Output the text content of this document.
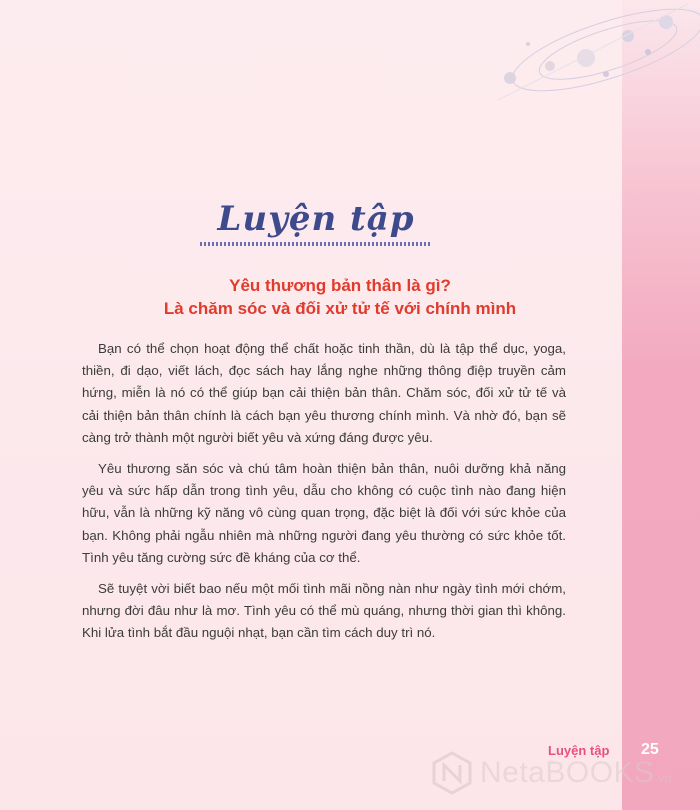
Luyện tập
Yêu thương bản thân là gì?
Là chăm sóc và đối xử tử tế với chính mình

Bạn có thể chọn hoạt động thể chất hoặc tinh thần, dù là tập thể dục, yoga, thiền, đi dạo, viết lách, đọc sách hay lắng nghe những thông điệp truyền cảm hứng, miễn là nó có thể giúp bạn cải thiện bản thân. Chăm sóc, đối xử tử tế và cải thiện bản thân chính là cách bạn yêu thương chính mình. Và nhờ đó, bạn sẽ càng trở thành một người biết yêu và xứng đáng được yêu.

Yêu thương săn sóc và chú tâm hoàn thiện bản thân, nuôi dưỡng khả năng yêu và sức hấp dẫn trong tình yêu, dẫu cho không có cuộc tình nào đang hiện hữu, vẫn là những kỹ năng vô cùng quan trọng, đặc biệt là đối với sức khỏe của bạn. Không phải ngẫu nhiên mà những người đang yêu thường có sức khỏe tốt. Tình yêu tăng cường sức đề kháng của cơ thể.

Sẽ tuyệt vời biết bao nếu một mối tình mãi nồng nàn như ngày tình mới chớm, nhưng đời đâu như là mơ. Tình yêu có thể mù quáng, nhưng thời gian thì không. Khi lửa tình bắt đầu nguội nhạt, bạn cần tìm cách duy trì nó.

Luyện tập 25
NetaBOOKS.vn
